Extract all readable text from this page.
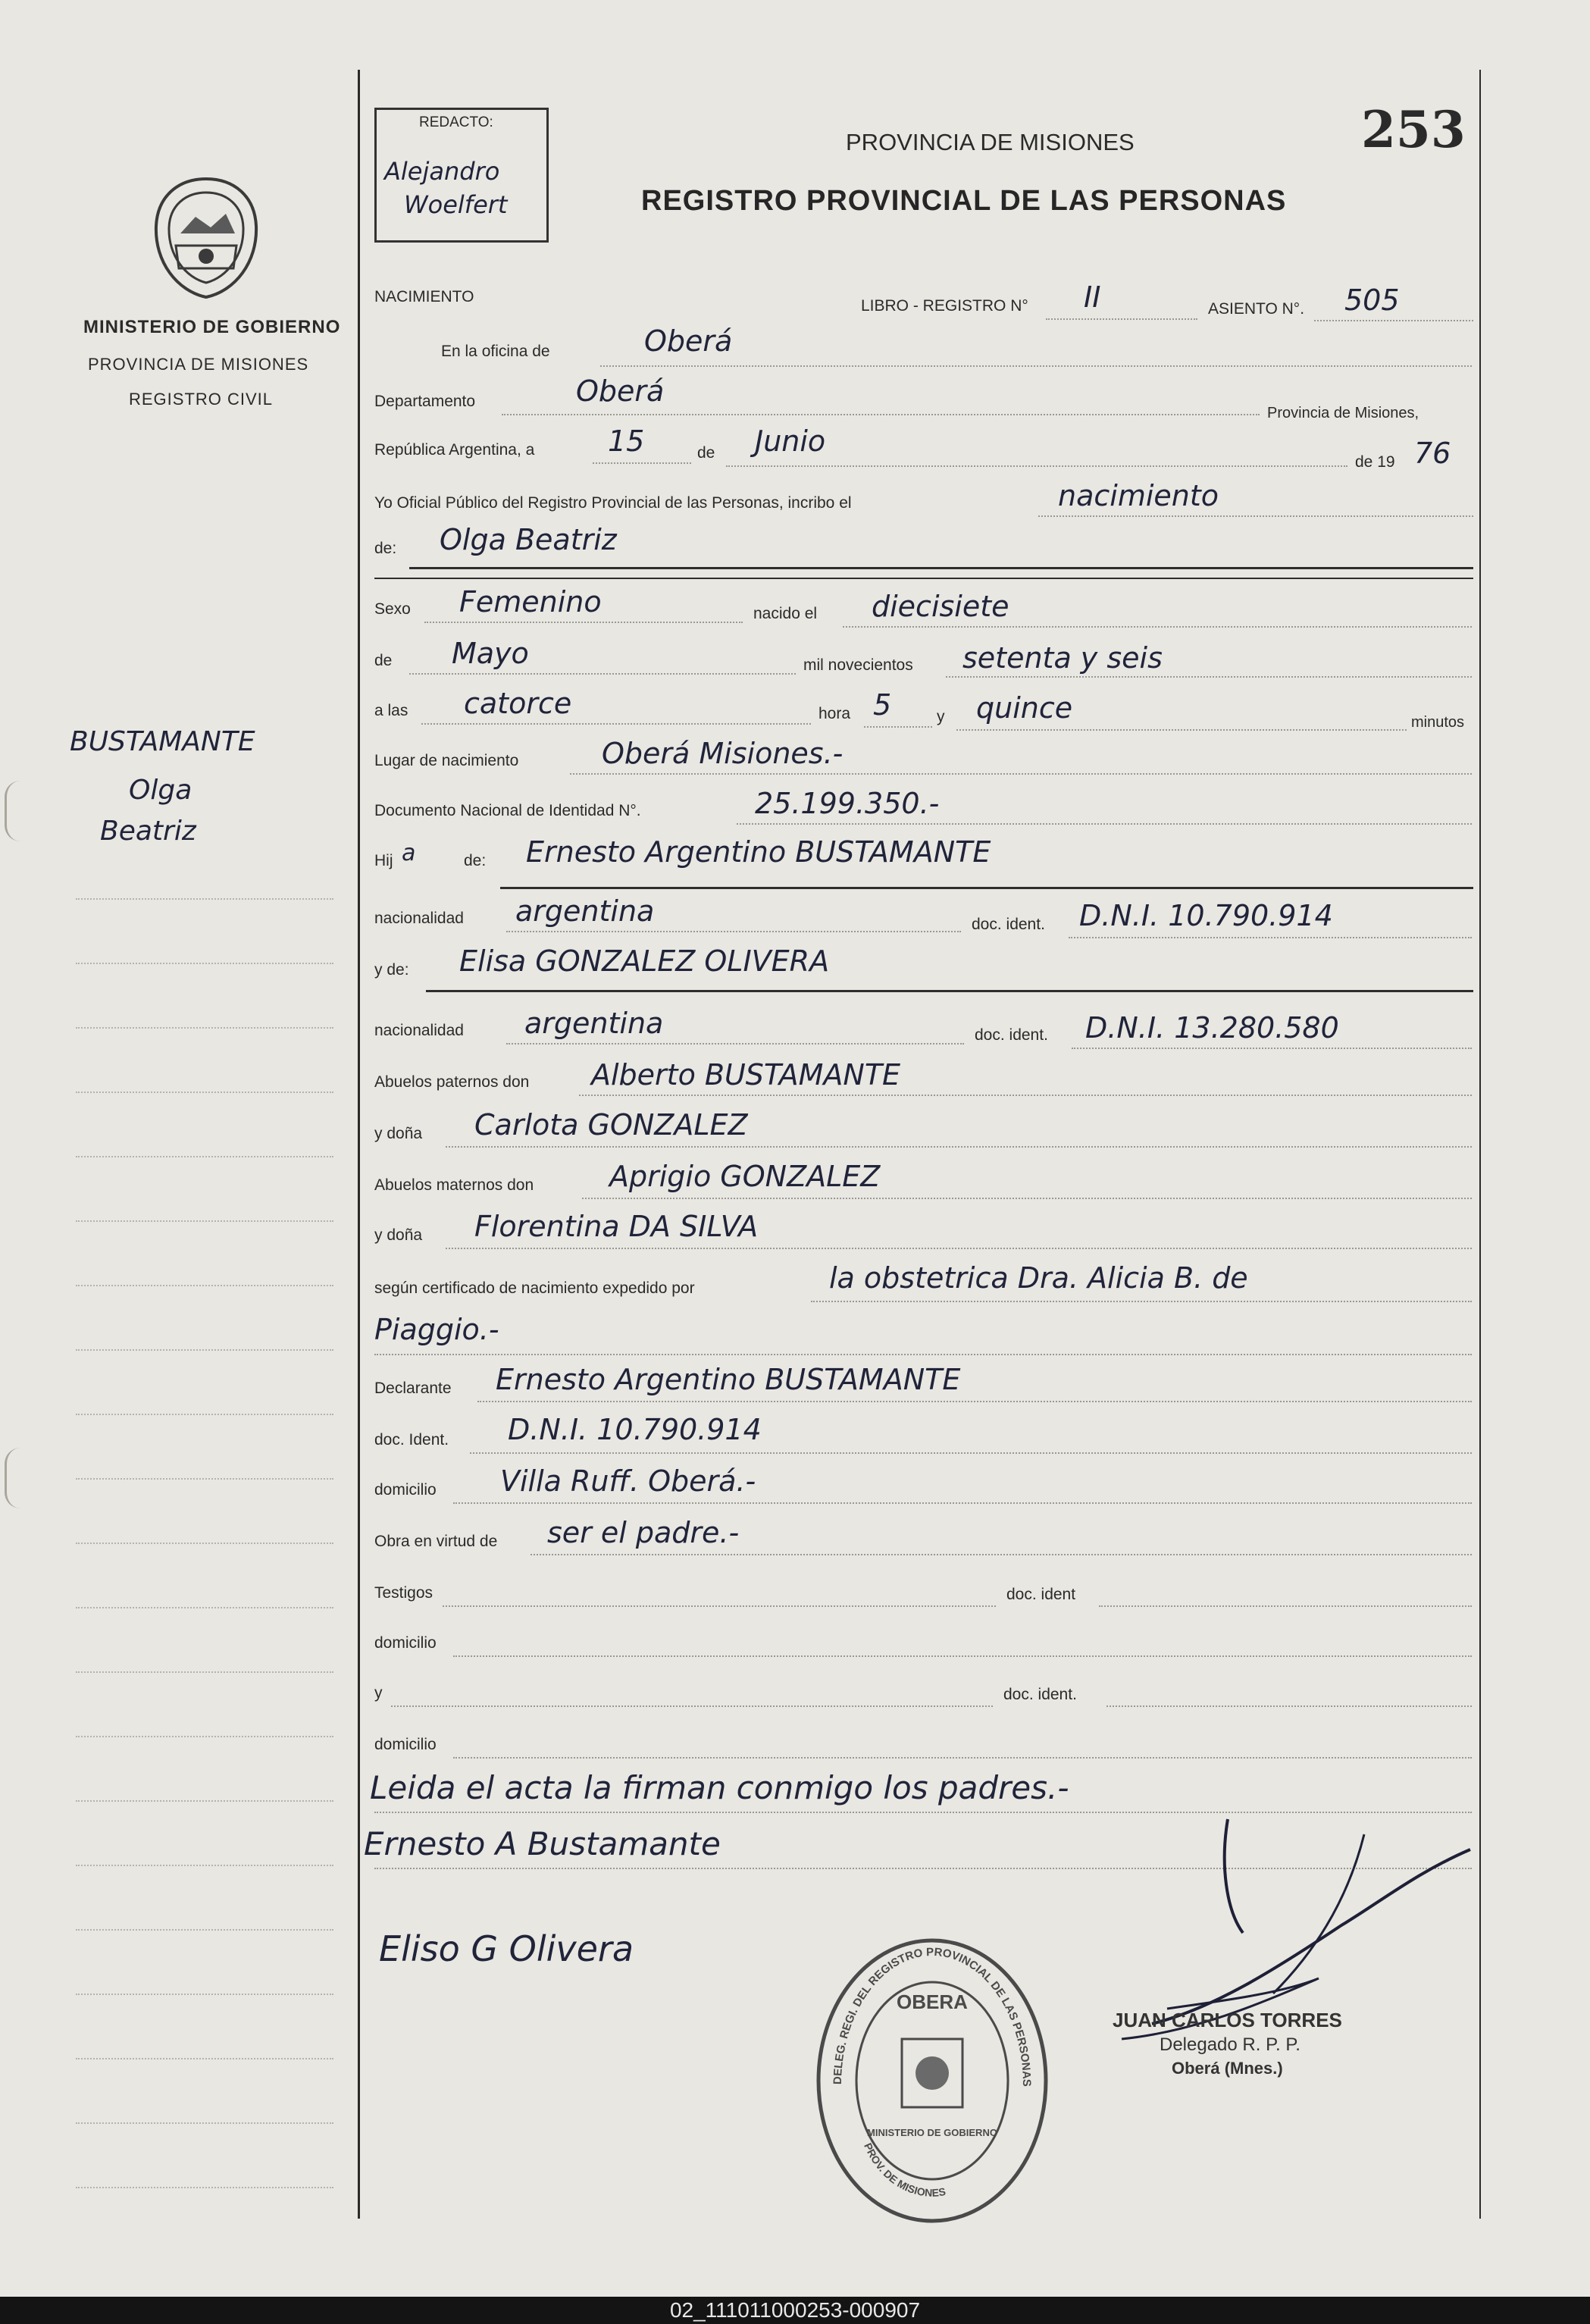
MINISTERIO DE GOBIERNO
PROVINCIA DE MISIONES
REGISTRO CIVIL
BUSTAMANTE
Olga
Beatriz
REDACTO:
Alejandro
Woelfert
PROVINCIA DE MISIONES	253
REGISTRO PROVINCIAL DE LAS PERSONAS
NACIMIENTO
LIBRO - REGISTRO N° II	ASIENTO N°. 505
En la oficina de	Oberá
Departamento	Oberá
Provincia de Misiones,
República Argentina, a	15	de Junio
de 19 76
Yo Oficial Público del Registro Provincial de las Personas, incribo el	nacimiento
de: Olga Beatriz
Sexo Femenino	nacido el diecisiete
de Mayo	mil novecientos setenta y seis
a las catorce	hora 5	y quince	minutos
Lugar de nacimiento	Oberá Misiones.-
Documento Nacional de Identidad N°.	25.199.350.-
Hij a	de: Ernesto Argentino BUSTAMANTE
nacionalidad argentina	doc. ident. D.N.I. 10.790.914
y de: Elisa GONZALEZ OLIVERA
nacionalidad argentina	doc. ident. D.N.I. 13.280.580
Abuelos paternos don Alberto BUSTAMANTE
y doña Carlota GONZALEZ
Abuelos maternos don	Aprigio GONZALEZ
y doña Florentina DA SILVA
según certificado de nacimiento expedido por	la obstetrica Dra. Alicia B. de
Piaggio.-
Declarante Ernesto Argentino BUSTAMANTE
doc. Ident. D.N.I. 10.790.914
domicilio Villa Ruff. Oberá.-
Obra en virtud de ser el padre.-
Testigos	doc. ident
domicilio
y	doc. ident.
domicilio
Leida el acta la firman conmigo los padres.-
Ernesto A Bustamante
Eliso G Olivera
JUAN CARLOS TORRES
Delegado R. P. P.
Oberá (Mnes.)
DELEG. REGI. DEL REGISTRO PROVINCIAL DE LAS PERSONAS
OBERA
PROV. DE MISIONES
MINISTERIO DE GOBIERNO
02_111011000253-000907
